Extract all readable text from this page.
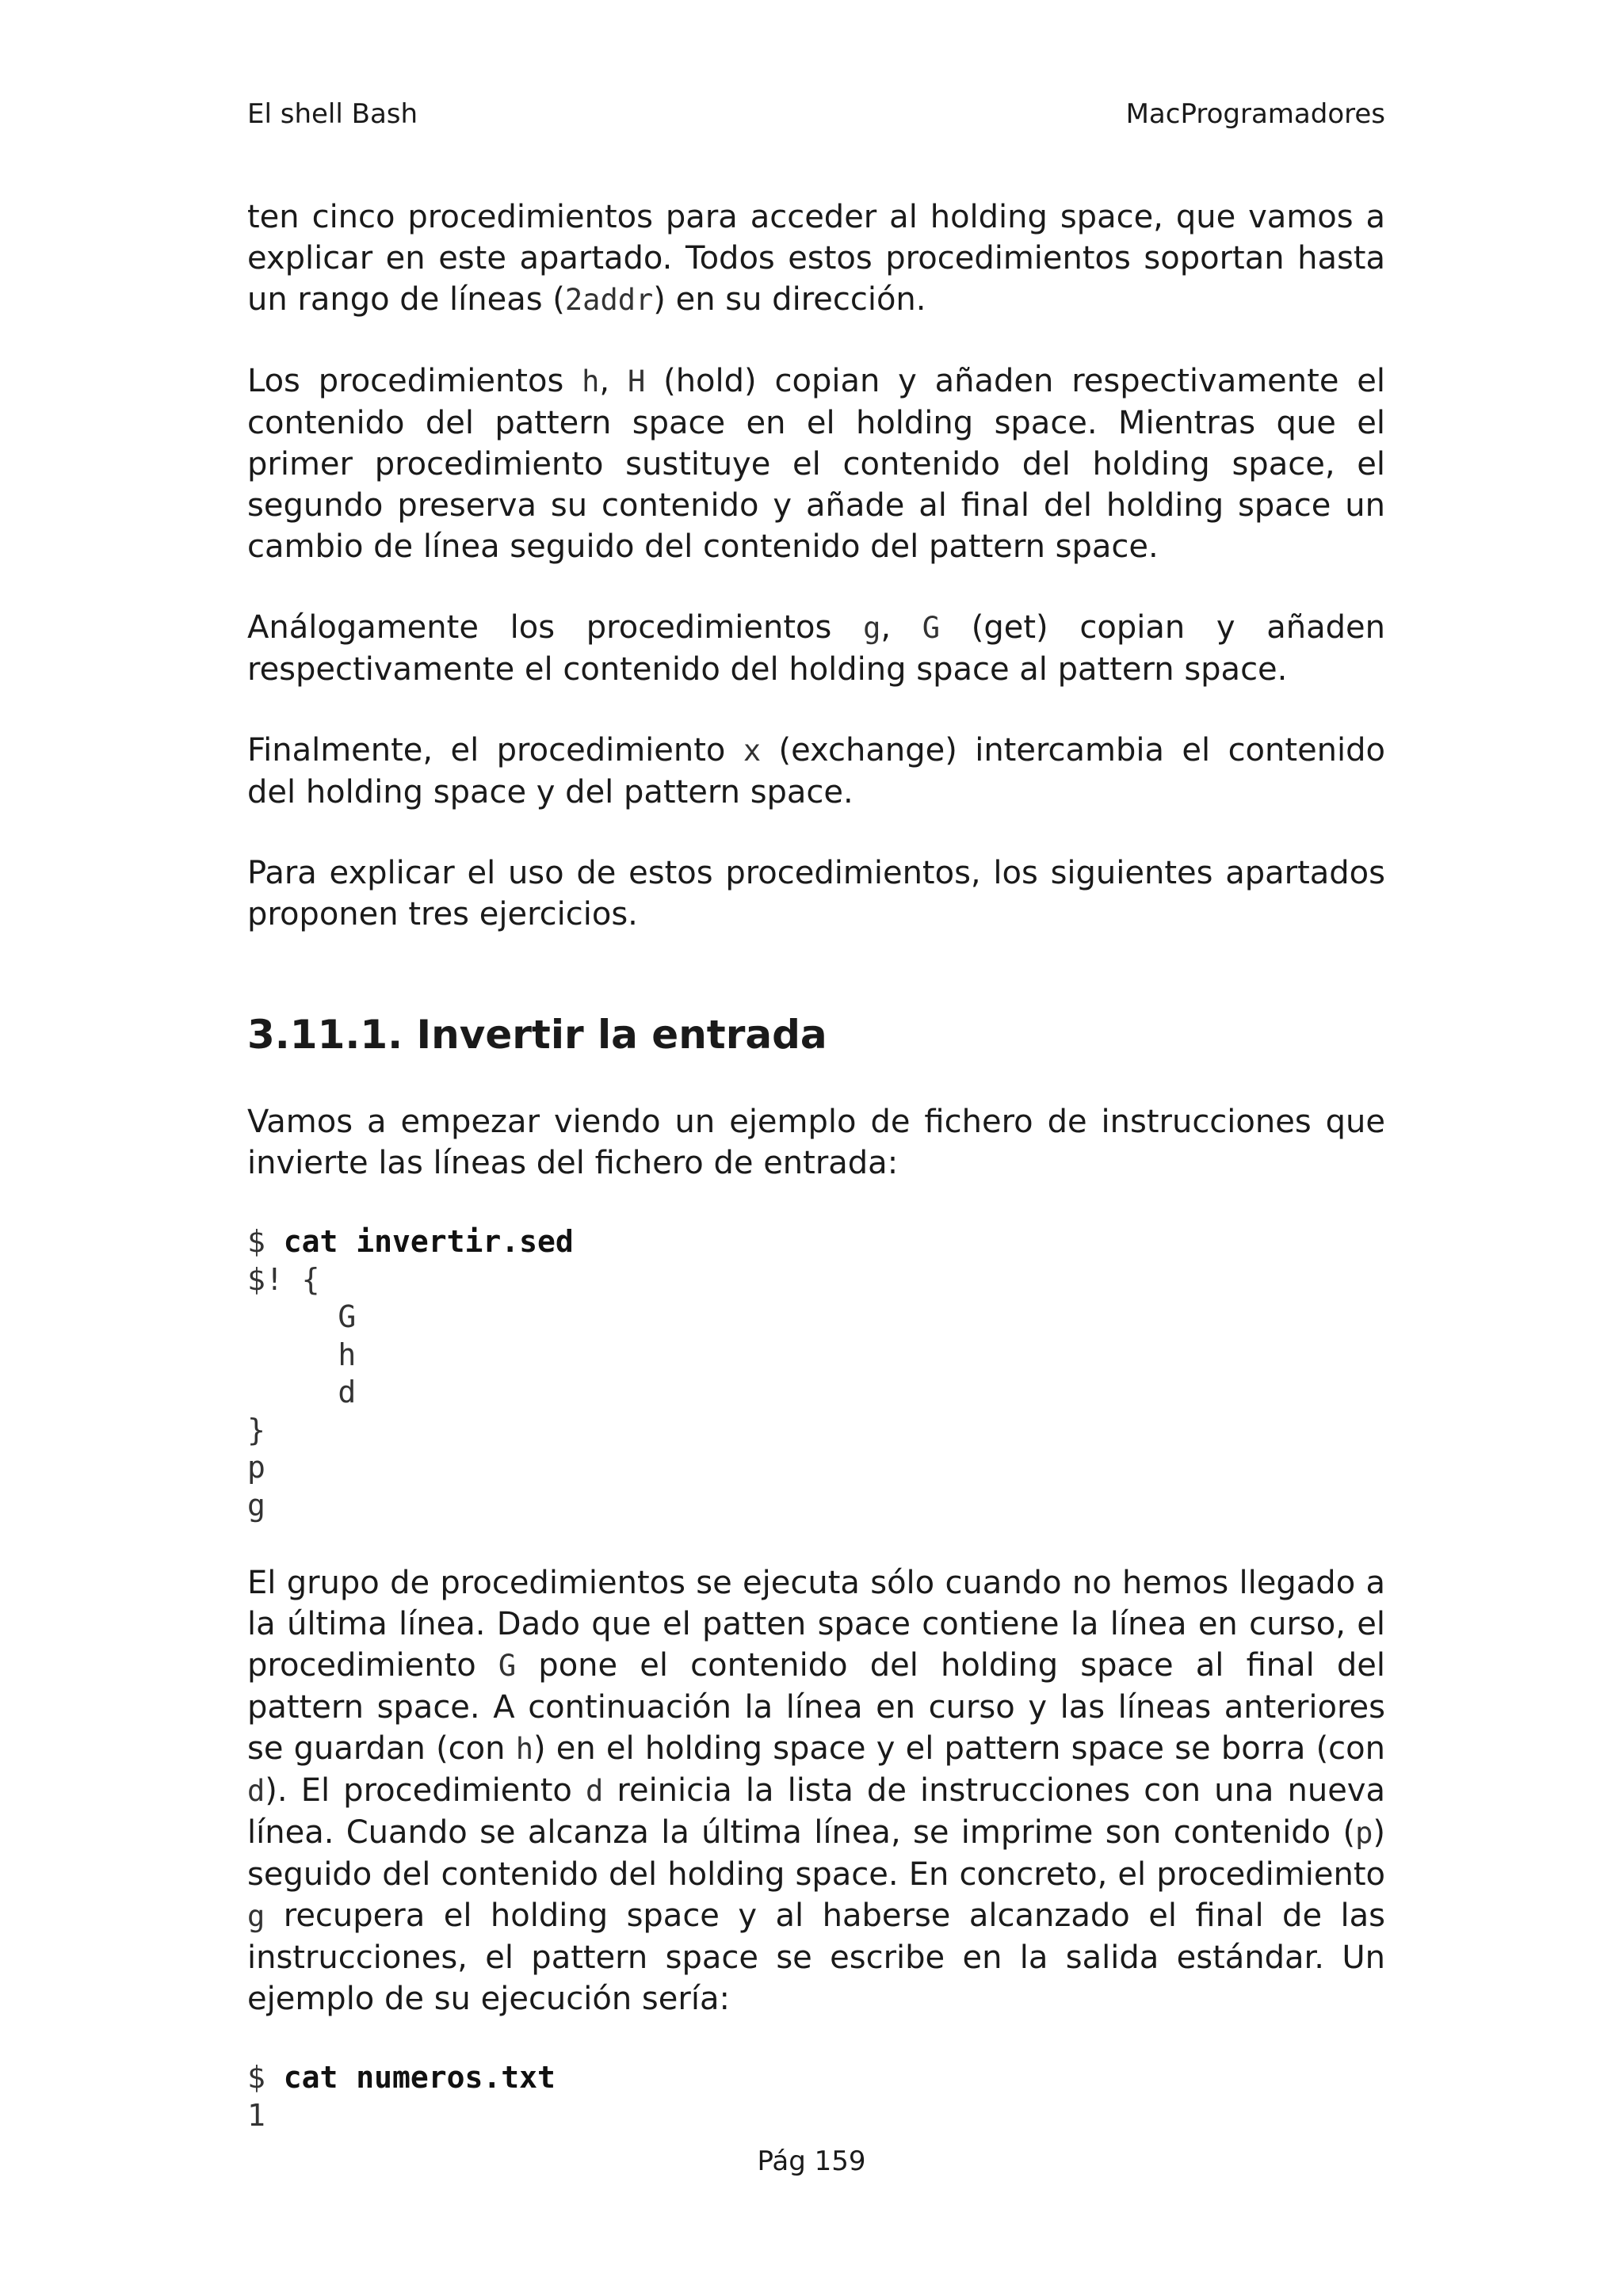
El shell Bash	MacProgramadores

ten cinco procedimientos para acceder al holding space, que vamos a explicar en este apartado. Todos estos procedimientos soportan hasta un rango de líneas (2addr) en su dirección.

Los procedimientos h, H (hold) copian y añaden respectivamente el contenido del pattern space en el holding space. Mientras que el primer procedimiento sustituye el contenido del holding space, el segundo preserva su contenido y añade al final del holding space un cambio de línea seguido del contenido del pattern space.

Análogamente los procedimientos g, G (get) copian y añaden respectivamente el contenido del holding space al pattern space.

Finalmente, el procedimiento x (exchange) intercambia el contenido del holding space y del pattern space.

Para explicar el uso de estos procedimientos, los siguientes apartados proponen tres ejercicios.

3.11.1. Invertir la entrada

Vamos a empezar viendo un ejemplo de fichero de instrucciones que invierte las líneas del fichero de entrada:

$ cat invertir.sed
$! {
G
h
d
}
p
g

El grupo de procedimientos se ejecuta sólo cuando no hemos llegado a la última línea. Dado que el patten space contiene la línea en curso, el procedimiento G pone el contenido del holding space al final del pattern space. A continuación la línea en curso y las líneas anteriores se guardan (con h) en el holding space y el pattern space se borra (con d). El procedimiento d reinicia la lista de instrucciones con una nueva línea. Cuando se alcanza la última línea, se imprime son contenido (p) seguido del contenido del holding space. En concreto, el procedimiento g recupera el holding space y al haberse alcanzado el final de las instrucciones, el pattern space se escribe en la salida estándar. Un ejemplo de su ejecución sería:

$ cat numeros.txt
1
Pág 159
